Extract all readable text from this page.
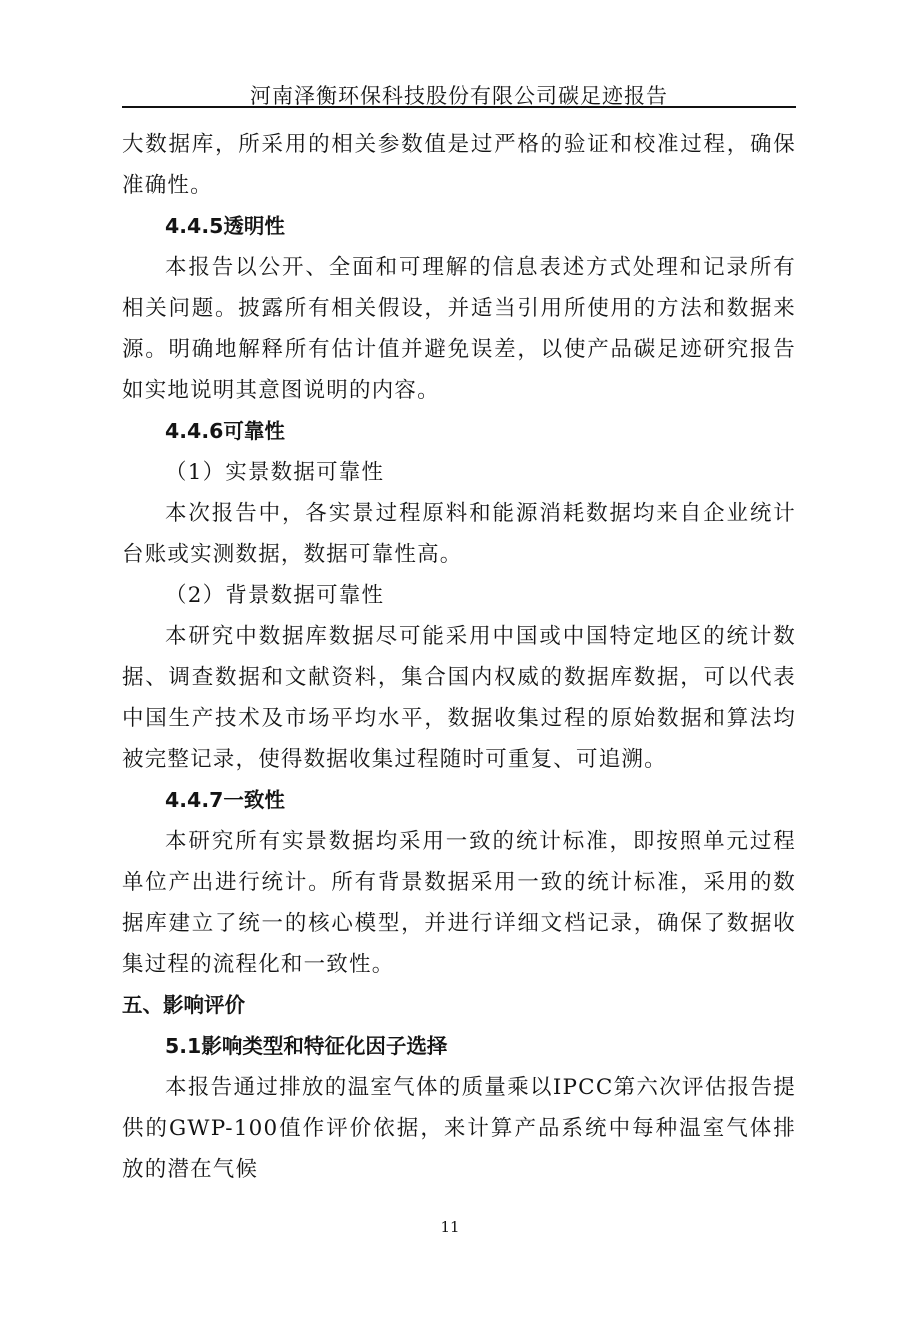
河南泽衡环保科技股份有限公司碳足迹报告

大数据库，所采用的相关参数值是过严格的验证和校准过程，确保准确性。

4.4.5透明性

本报告以公开、全面和可理解的信息表述方式处理和记录所有相关问题。披露所有相关假设，并适当引用所使用的方法和数据来源。明确地解释所有估计值并避免误差，以使产品碳足迹研究报告如实地说明其意图说明的内容。

4.4.6可靠性

（1）实景数据可靠性

本次报告中，各实景过程原料和能源消耗数据均来自企业统计台账或实测数据，数据可靠性高。

（2）背景数据可靠性

本研究中数据库数据尽可能采用中国或中国特定地区的统计数据、调查数据和文献资料，集合国内权威的数据库数据，可以代表中国生产技术及市场平均水平，数据收集过程的原始数据和算法均被完整记录，使得数据收集过程随时可重复、可追溯。

4.4.7一致性

本研究所有实景数据均采用一致的统计标准，即按照单元过程单位产出进行统计。所有背景数据采用一致的统计标准，采用的数据库建立了统一的核心模型，并进行详细文档记录，确保了数据收集过程的流程化和一致性。

五、影响评价

5.1影响类型和特征化因子选择

本报告通过排放的温室气体的质量乘以IPCC第六次评估报告提供的GWP-100值作评价依据，来计算产品系统中每种温室气体排放的潜在气候

11
